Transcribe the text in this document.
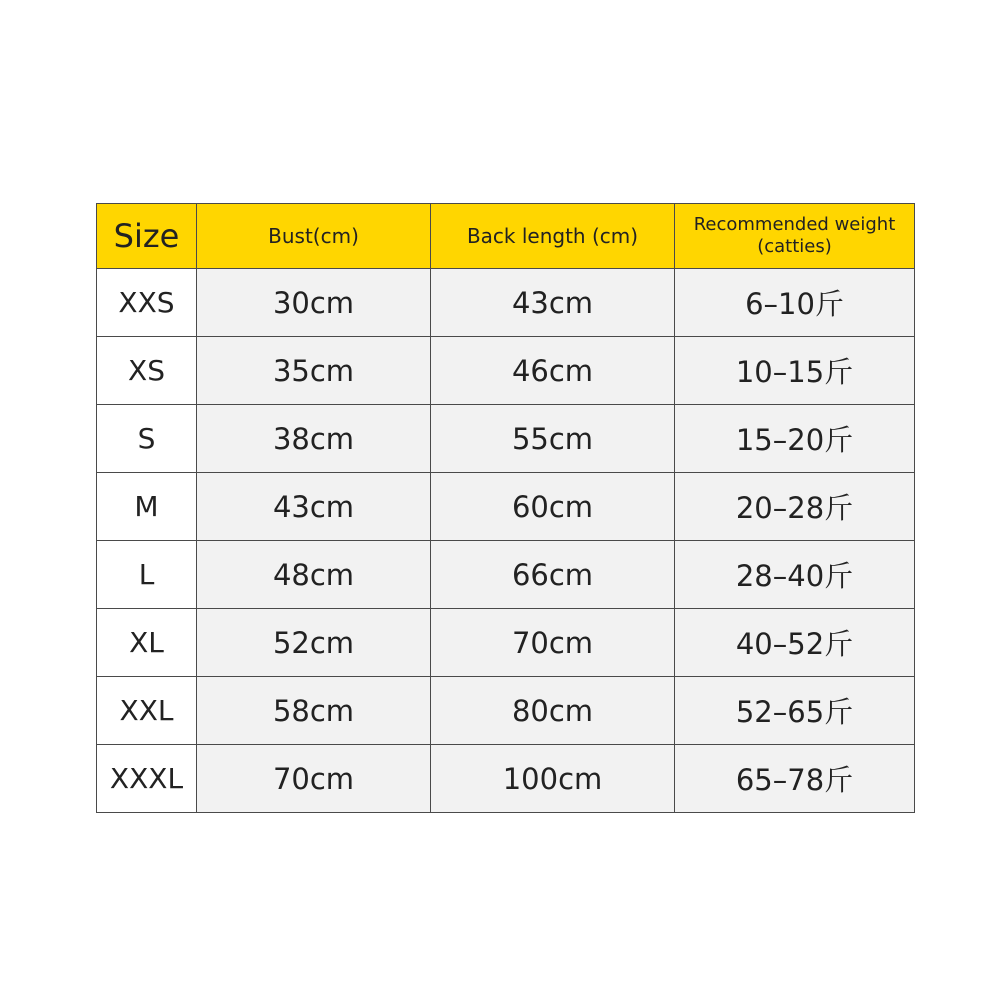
Size	Bust(cm)	Back length (cm)	Recommended weight
(catties)

XXS	30cm	43cm	6–10斤
XS	35cm	46cm	10–15斤
S	38cm	55cm	15–20斤
M	43cm	60cm	20–28斤
L	48cm	66cm	28–40斤
XL	52cm	70cm	40–52斤
XXL	58cm	80cm	52–65斤
XXXL	70cm	100cm	65–78斤
